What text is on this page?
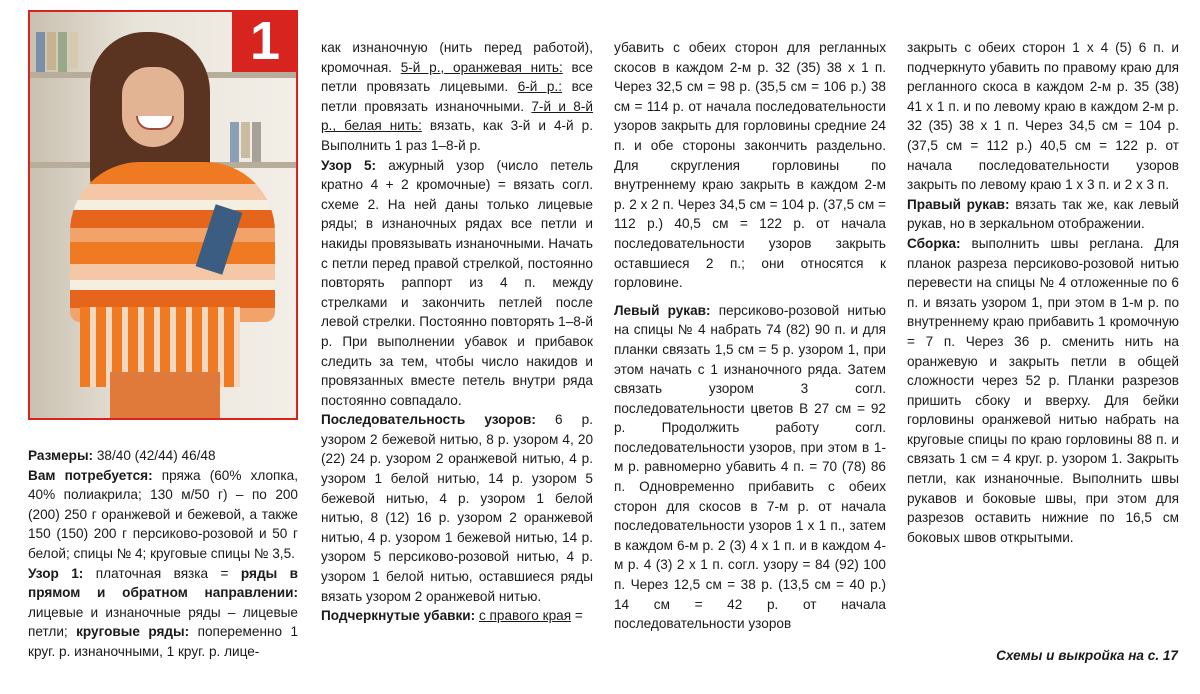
1

Размеры: 38/40 (42/44) 46/48

Вам потребуется: пряжа (60% хлопка, 40% полиакрила; 130 м/50 г) – по 200 (200) 250 г оранжевой и бежевой, а также 150 (150) 200 г персиково-розовой и 50 г белой; спицы № 4; круговые спицы № 3,5.

Узор 1: платочная вязка = ряды в прямом и обратном направлении: лицевые и изнаночные ряды – лицевые петли; круговые ряды: попеременно 1 круг. р. изнаночными, 1 круг. р. лице-

как изнаночную (нить перед работой), кромочная. 5-й р., оранжевая нить: все петли провязать лицевыми. 6-й р.: все петли провязать изнаночными. 7-й и 8-й р., белая нить: вязать, как 3-й и 4-й р. Выполнить 1 раз 1–8-й р.

Узор 5: ажурный узор (число петель кратно 4 + 2 кромочные) = вязать согл. схеме 2. На ней даны только лицевые ряды; в изнаночных рядах все петли и накиды провязывать изнаночными. Начать с петли перед правой стрелкой, постоянно повторять раппорт из 4 п. между стрелками и закончить петлей после левой стрелки. Постоянно повторять 1–8-й р. При выполнении убавок и прибавок следить за тем, чтобы число накидов и провязанных вместе петель внутри ряда постоянно совпадало.

Последовательность узоров: 6 р. узором 2 бежевой нитью, 8 р. узором 4, 20 (22) 24 р. узором 2 оранжевой нитью, 4 р. узором 1 белой нитью, 14 р. узором 5 бежевой нитью, 4 р. узором 1 белой нитью, 8 (12) 16 р. узором 2 оранжевой нитью, 4 р. узором 1 бежевой нитью, 14 р. узором 5 персиково-розовой нитью, 4 р. узором 1 белой нитью, оставшиеся ряды вязать узором 2 оранжевой нитью.

Подчеркнутые убавки: с правого края =

убавить с обеих сторон для регланных скосов в каждом 2-м р. 32 (35) 38 х 1 п. Через 32,5 см = 98 р. (35,5 см = 106 р.) 38 см = 114 р. от начала последовательности узоров закрыть для горловины средние 24 п. и обе стороны закончить раздельно. Для скругления горловины по внутреннему краю закрыть в каждом 2-м р. 2 х 2 п. Через 34,5 см = 104 р. (37,5 см = 112 р.) 40,5 см = 122 р. от начала последовательности узоров закрыть оставшиеся 2 п.; они относятся к горловине.

Левый рукав: персиково-розовой нитью на спицы № 4 набрать 74 (82) 90 п. и для планки связать 1,5 см = 5 р. узором 1, при этом начать с 1 изнаночного ряда. Затем связать узором 3 согл. последовательности цветов В 27 см = 92 р. Продолжить работу согл. последовательности узоров, при этом в 1-м р. равномерно убавить 4 п. = 70 (78) 86 п. Одновременно прибавить с обеих сторон для скосов в 7-м р. от начала последовательности узоров 1 х 1 п., затем в каждом 6-м р. 2 (3) 4 х 1 п. и в каждом 4-м р. 4 (3) 2 х 1 п. согл. узору = 84 (92) 100 п. Через 12,5 см = 38 р. (13,5 см = 40 р.) 14 см = 42 р. от начала последовательности узоров

закрыть с обеих сторон 1 х 4 (5) 6 п. и подчеркнуто убавить по правому краю для регланного скоса в каждом 2-м р. 35 (38) 41 х 1 п. и по левому краю в каждом 2-м р. 32 (35) 38 х 1 п. Через 34,5 см = 104 р. (37,5 см = 112 р.) 40,5 см = 122 р. от начала последовательности узоров закрыть по левому краю 1 х 3 п. и 2 х 3 п.

Правый рукав: вязать так же, как левый рукав, но в зеркальном отображении.

Сборка: выполнить швы реглана. Для планок разреза персиково-розовой нитью перевести на спицы № 4 отложенные по 6 п. и вязать узором 1, при этом в 1-м р. по внутреннему краю прибавить 1 кромочную = 7 п. Через 36 р. сменить нить на оранжевую и закрыть петли в общей сложности через 52 р. Планки разрезов пришить сбоку и вверху. Для бейки горловины оранжевой нитью набрать на круговые спицы по краю горловины 88 п. и связать 1 см = 4 круг. р. узором 1. Закрыть петли, как изнаночные. Выполнить швы рукавов и боковые швы, при этом для разрезов оставить нижние по 16,5 см боковых швов открытыми.

Схемы и выкройка на с. 17
